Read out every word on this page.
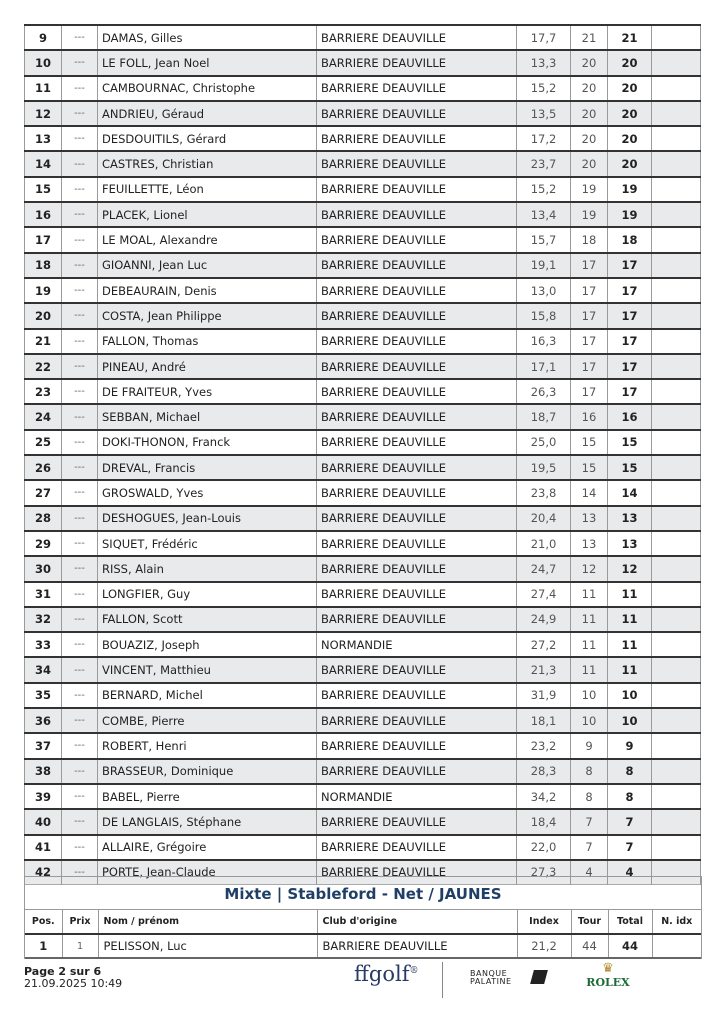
9	---	DAMAS, Gilles	BARRIERE DEAUVILLE	17,7	21	21	
10	---	LE FOLL, Jean Noel	BARRIERE DEAUVILLE	13,3	20	20	
11	---	CAMBOURNAC, Christophe	BARRIERE DEAUVILLE	15,2	20	20	
12	---	ANDRIEU, Géraud	BARRIERE DEAUVILLE	13,5	20	20	
13	---	DESDOUITILS, Gérard	BARRIERE DEAUVILLE	17,2	20	20	
14	---	CASTRES, Christian	BARRIERE DEAUVILLE	23,7	20	20	
15	---	FEUILLETTE, Léon	BARRIERE DEAUVILLE	15,2	19	19	
16	---	PLACEK, Lionel	BARRIERE DEAUVILLE	13,4	19	19	
17	---	LE MOAL, Alexandre	BARRIERE DEAUVILLE	15,7	18	18	
18	---	GIOANNI, Jean Luc	BARRIERE DEAUVILLE	19,1	17	17	
19	---	DEBEAURAIN, Denis	BARRIERE DEAUVILLE	13,0	17	17	
20	---	COSTA, Jean Philippe	BARRIERE DEAUVILLE	15,8	17	17	
21	---	FALLON, Thomas	BARRIERE DEAUVILLE	16,3	17	17	
22	---	PINEAU, André	BARRIERE DEAUVILLE	17,1	17	17	
23	---	DE FRAITEUR, Yves	BARRIERE DEAUVILLE	26,3	17	17	
24	---	SEBBAN, Michael	BARRIERE DEAUVILLE	18,7	16	16	
25	---	DOKI-THONON, Franck	BARRIERE DEAUVILLE	25,0	15	15	
26	---	DREVAL, Francis	BARRIERE DEAUVILLE	19,5	15	15	
27	---	GROSWALD, Yves	BARRIERE DEAUVILLE	23,8	14	14	
28	---	DESHOGUES, Jean-Louis	BARRIERE DEAUVILLE	20,4	13	13	
29	---	SIQUET, Frédéric	BARRIERE DEAUVILLE	21,0	13	13	
30	---	RISS, Alain	BARRIERE DEAUVILLE	24,7	12	12	
31	---	LONGFIER, Guy	BARRIERE DEAUVILLE	27,4	11	11	
32	---	FALLON, Scott	BARRIERE DEAUVILLE	24,9	11	11	
33	---	BOUAZIZ, Joseph	NORMANDIE	27,2	11	11	
34	---	VINCENT, Matthieu	BARRIERE DEAUVILLE	21,3	11	11	
35	---	BERNARD, Michel	BARRIERE DEAUVILLE	31,9	10	10	
36	---	COMBE, Pierre	BARRIERE DEAUVILLE	18,1	10	10	
37	---	ROBERT, Henri	BARRIERE DEAUVILLE	23,2	9	9	
38	---	BRASSEUR, Dominique	BARRIERE DEAUVILLE	28,3	8	8	
39	---	BABEL, Pierre	NORMANDIE	34,2	8	8	
40	---	DE LANGLAIS, Stéphane	BARRIERE DEAUVILLE	18,4	7	7	
41	---	ALLAIRE, Grégoire	BARRIERE DEAUVILLE	22,0	7	7	
42	---	PORTE, Jean-Claude	BARRIERE DEAUVILLE	27,3	4	4	
Mixte | Stableford - Net / JAUNES
Pos.	Prix	Nom / prénom	Club d'origine	Index	Tour	Total	N. idx
1	1	PELISSON, Luc	BARRIERE DEAUVILLE	21,2	44	44	
Page 2 sur 6
21.09.2025 10:49	ffgolf®	BANQUE
PALATINE
♛
ROLEX
